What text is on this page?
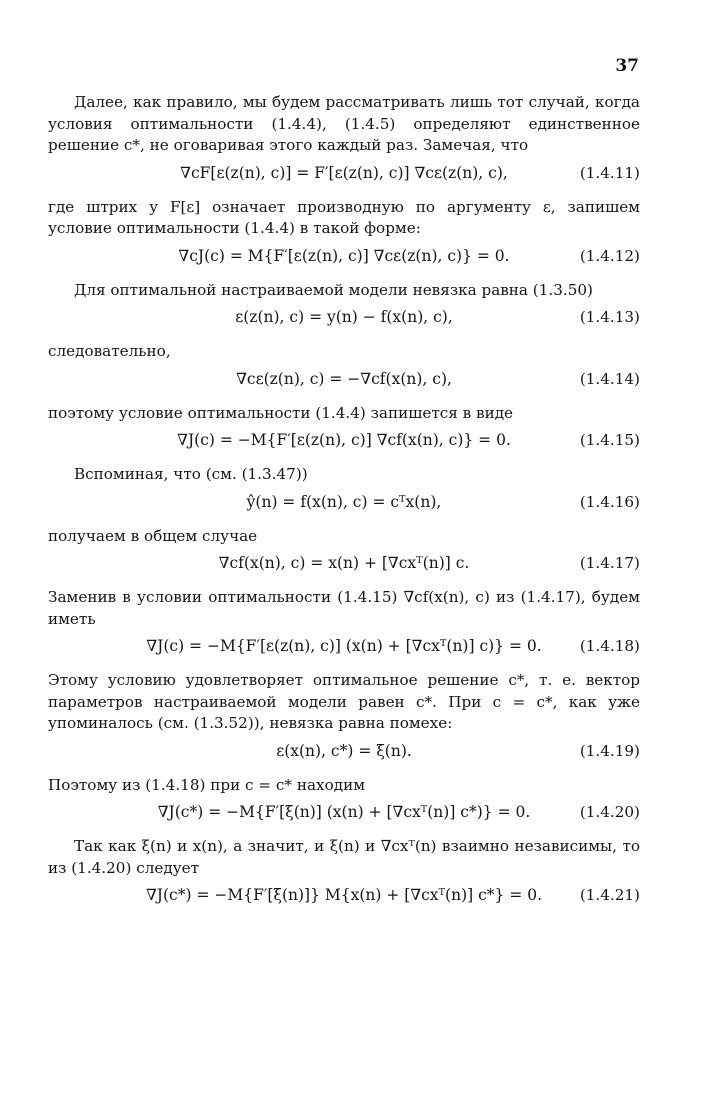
37

Далее, как правило, мы будем рассматривать лишь тот случай, когда условия оптимальности (1.4.4), (1.4.5) определяют единственное решение c*, не оговаривая этого каждый раз. Замечая, что

∇cF[ε(z(n), c)] = F′[ε(z(n), c)] ∇cε(z(n), c),	(1.4.11)

где штрих у F[ε] означает производную по аргументу ε, запишем условие оптимальности (1.4.4) в такой форме:

∇cJ(c) = M{F′[ε(z(n), c)] ∇cε(z(n), c)} = 0.	(1.4.12)

Для оптимальной настраиваемой модели невязка равна (1.3.50)

ε(z(n), c) = y(n) − f(x(n), c),	(1.4.13)

следовательно,

∇cε(z(n), c) = −∇cf(x(n), c),	(1.4.14)

поэтому условие оптимальности (1.4.4) запишется в виде

∇J(c) = −M{F′[ε(z(n), c)] ∇cf(x(n), c)} = 0.	(1.4.15)

Вспоминая, что (см. (1.3.47))

ŷ(n) = f(x(n), c) = cᵀx(n),	(1.4.16)

получаем в общем случае

∇cf(x(n), c) = x(n) + [∇cxᵀ(n)] c.	(1.4.17)

Заменив в условии оптимальности (1.4.15) ∇cf(x(n), c) из (1.4.17), будем иметь

∇J(c) = −M{F′[ε(z(n), c)] (x(n) + [∇cxᵀ(n)] c)} = 0.	(1.4.18)

Этому условию удовлетворяет оптимальное решение c*, т. е. вектор параметров настраиваемой модели равен c*. При c = c*, как уже упоминалось (см. (1.3.52)), невязка равна помехе:

ε(x(n), c*) = ξ(n).	(1.4.19)

Поэтому из (1.4.18) при c = c* находим

∇J(c*) = −M{F′[ξ(n)] (x(n) + [∇cxᵀ(n)] c*)} = 0.	(1.4.20)

Так как ξ(n) и x(n), а значит, и ξ(n) и ∇cxᵀ(n) взаимно независимы, то из (1.4.20) следует

∇J(c*) = −M{F′[ξ(n)]} M{x(n) + [∇cxᵀ(n)] c*} = 0. (1.4.21)
